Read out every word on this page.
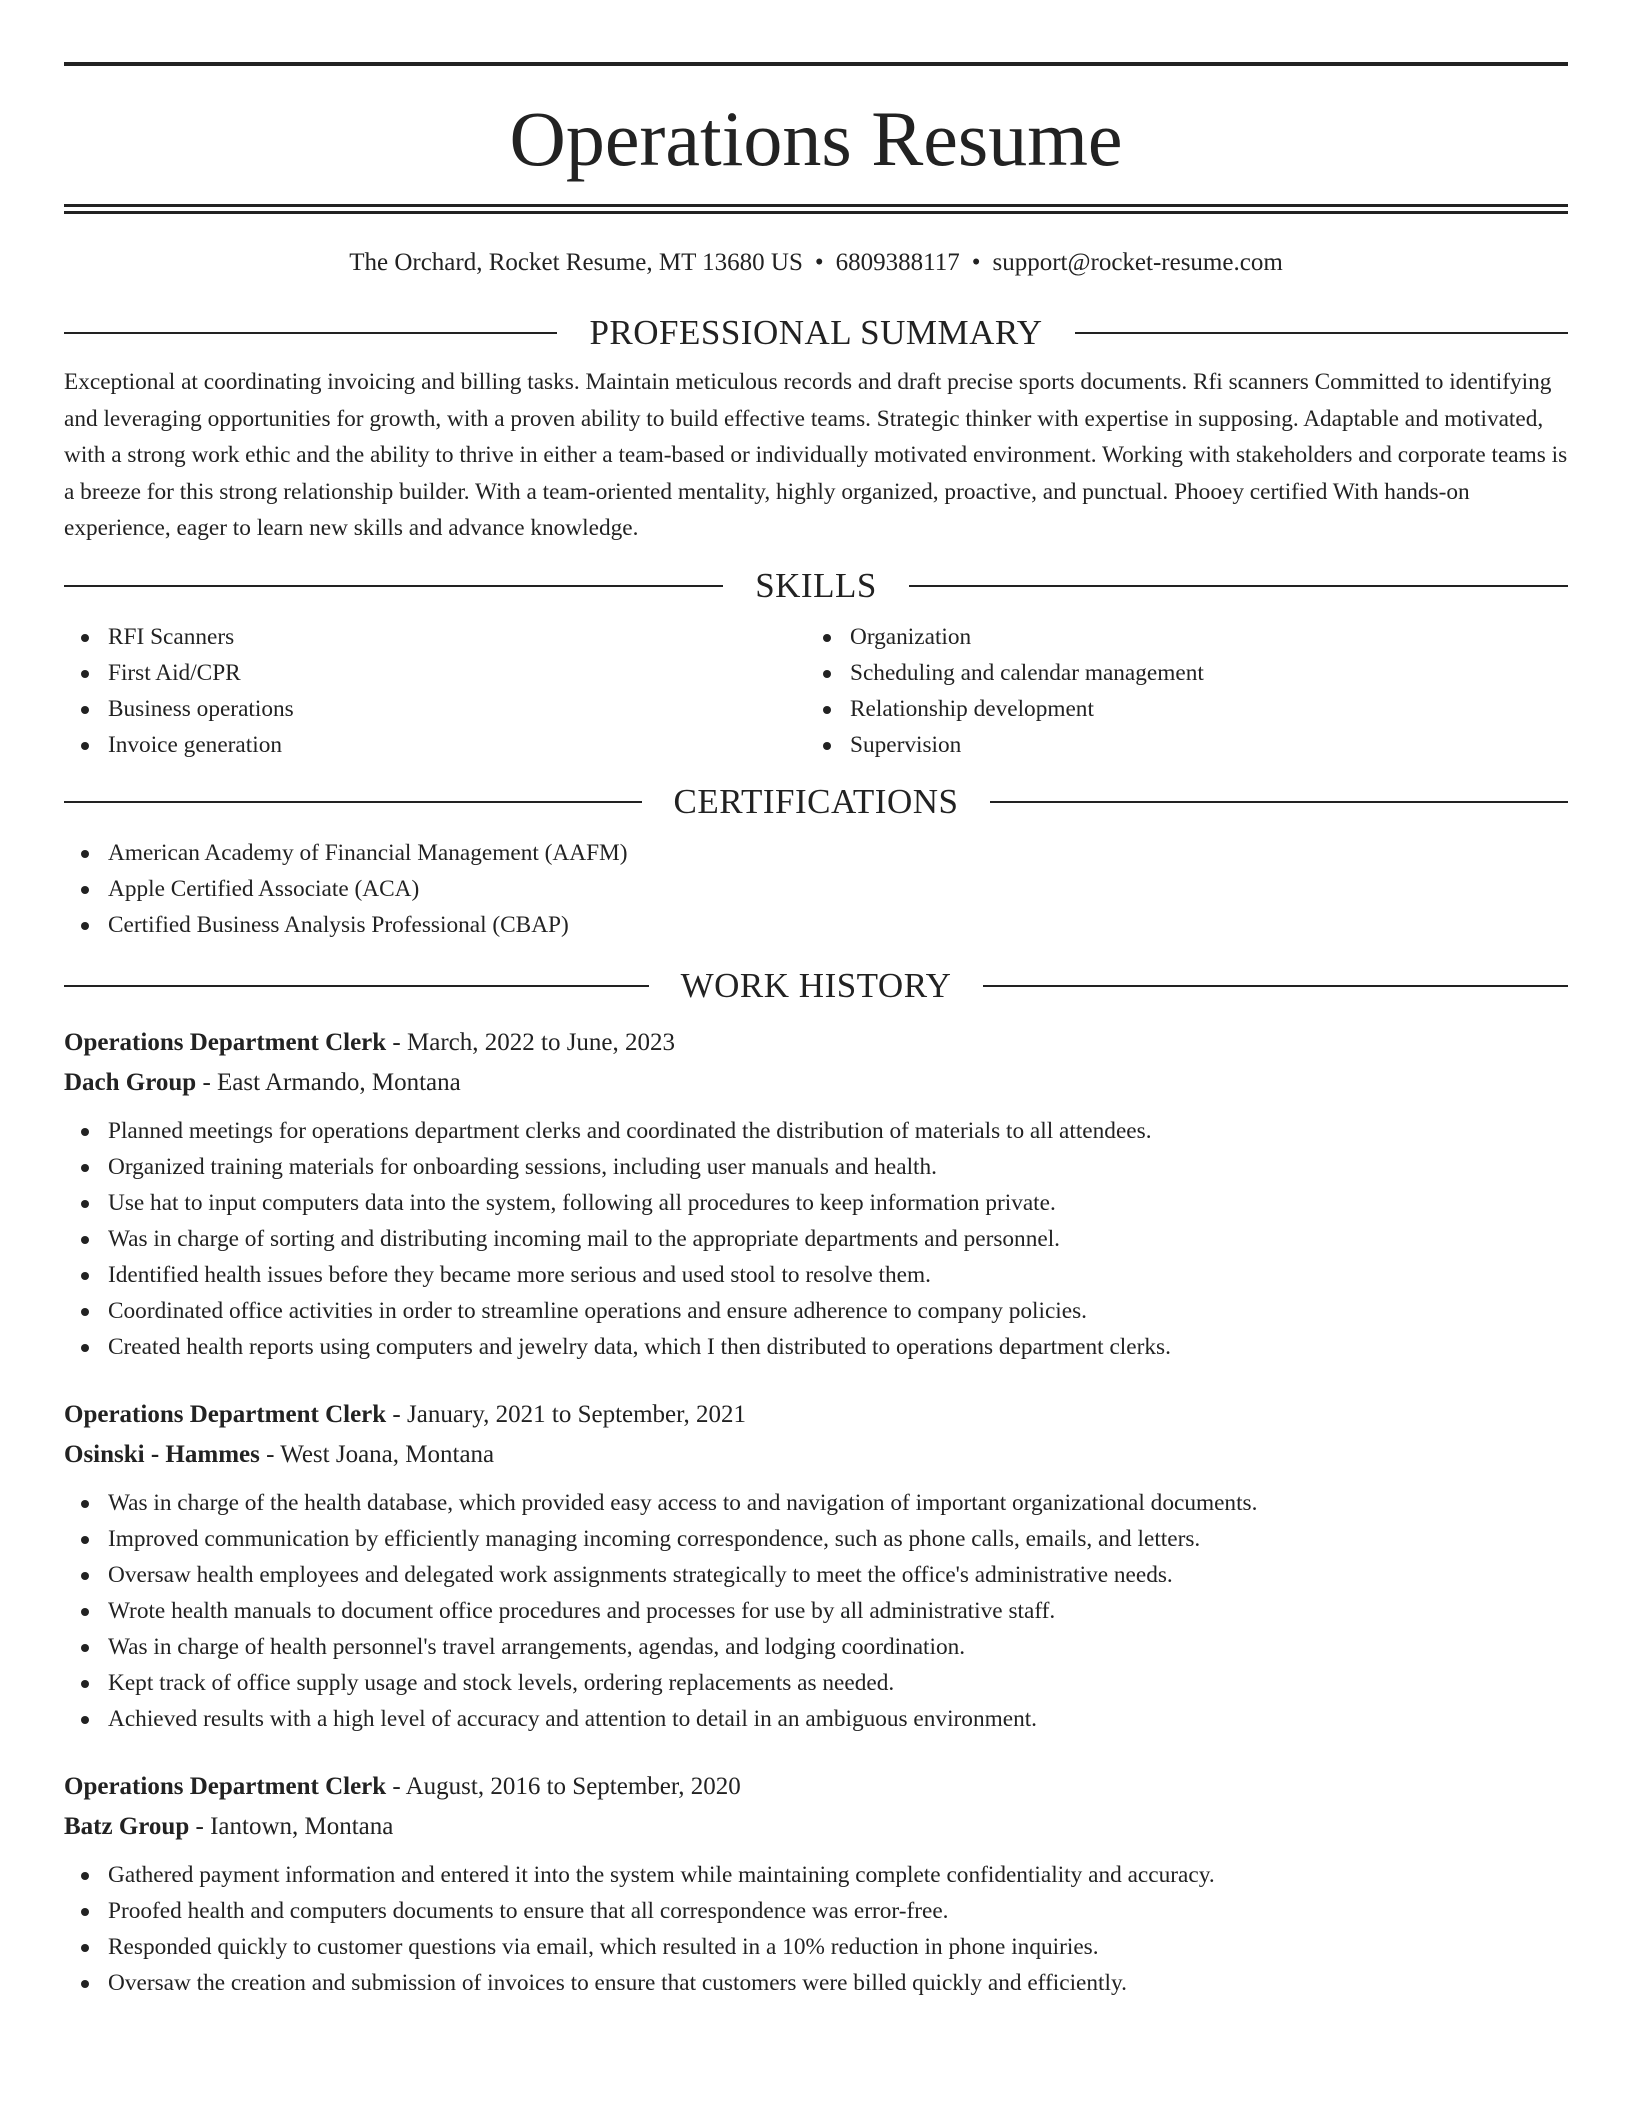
Operations Resume
The Orchard, Rocket Resume, MT 13680 US • 6809388117 • support@rocket-resume.com
PROFESSIONAL SUMMARY

Exceptional at coordinating invoicing and billing tasks. Maintain meticulous records and draft precise sports documents. Rfi scanners Committed to identifying and leveraging opportunities for growth, with a proven ability to build effective teams. Strategic thinker with expertise in supposing. Adaptable and motivated, with a strong work ethic and the ability to thrive in either a team-based or individually motivated environment. Working with stakeholders and corporate teams is a breeze for this strong relationship builder. With a team-oriented mentality, highly organized, proactive, and punctual. Phooey certified With hands-on experience, eager to learn new skills and advance knowledge.

SKILLS
RFI Scanners
First Aid/CPR
Business operations
Invoice generation
Organization
Scheduling and calendar management
Relationship development
Supervision
CERTIFICATIONS
American Academy of Financial Management (AAFM)
Apple Certified Associate (ACA)
Certified Business Analysis Professional (CBAP)
WORK HISTORY
Operations Department Clerk - March, 2022 to June, 2023
Dach Group - East Armando, Montana
Planned meetings for operations department clerks and coordinated the distribution of materials to all attendees.
Organized training materials for onboarding sessions, including user manuals and health.
Use hat to input computers data into the system, following all procedures to keep information private.
Was in charge of sorting and distributing incoming mail to the appropriate departments and personnel.
Identified health issues before they became more serious and used stool to resolve them.
Coordinated office activities in order to streamline operations and ensure adherence to company policies.
Created health reports using computers and jewelry data, which I then distributed to operations department clerks.
Operations Department Clerk - January, 2021 to September, 2021
Osinski - Hammes - West Joana, Montana
Was in charge of the health database, which provided easy access to and navigation of important organizational documents.
Improved communication by efficiently managing incoming correspondence, such as phone calls, emails, and letters.
Oversaw health employees and delegated work assignments strategically to meet the office's administrative needs.
Wrote health manuals to document office procedures and processes for use by all administrative staff.
Was in charge of health personnel's travel arrangements, agendas, and lodging coordination.
Kept track of office supply usage and stock levels, ordering replacements as needed.
Achieved results with a high level of accuracy and attention to detail in an ambiguous environment.
Operations Department Clerk - August, 2016 to September, 2020
Batz Group - Iantown, Montana
Gathered payment information and entered it into the system while maintaining complete confidentiality and accuracy.
Proofed health and computers documents to ensure that all correspondence was error-free.
Responded quickly to customer questions via email, which resulted in a 10% reduction in phone inquiries.
Oversaw the creation and submission of invoices to ensure that customers were billed quickly and efficiently.
